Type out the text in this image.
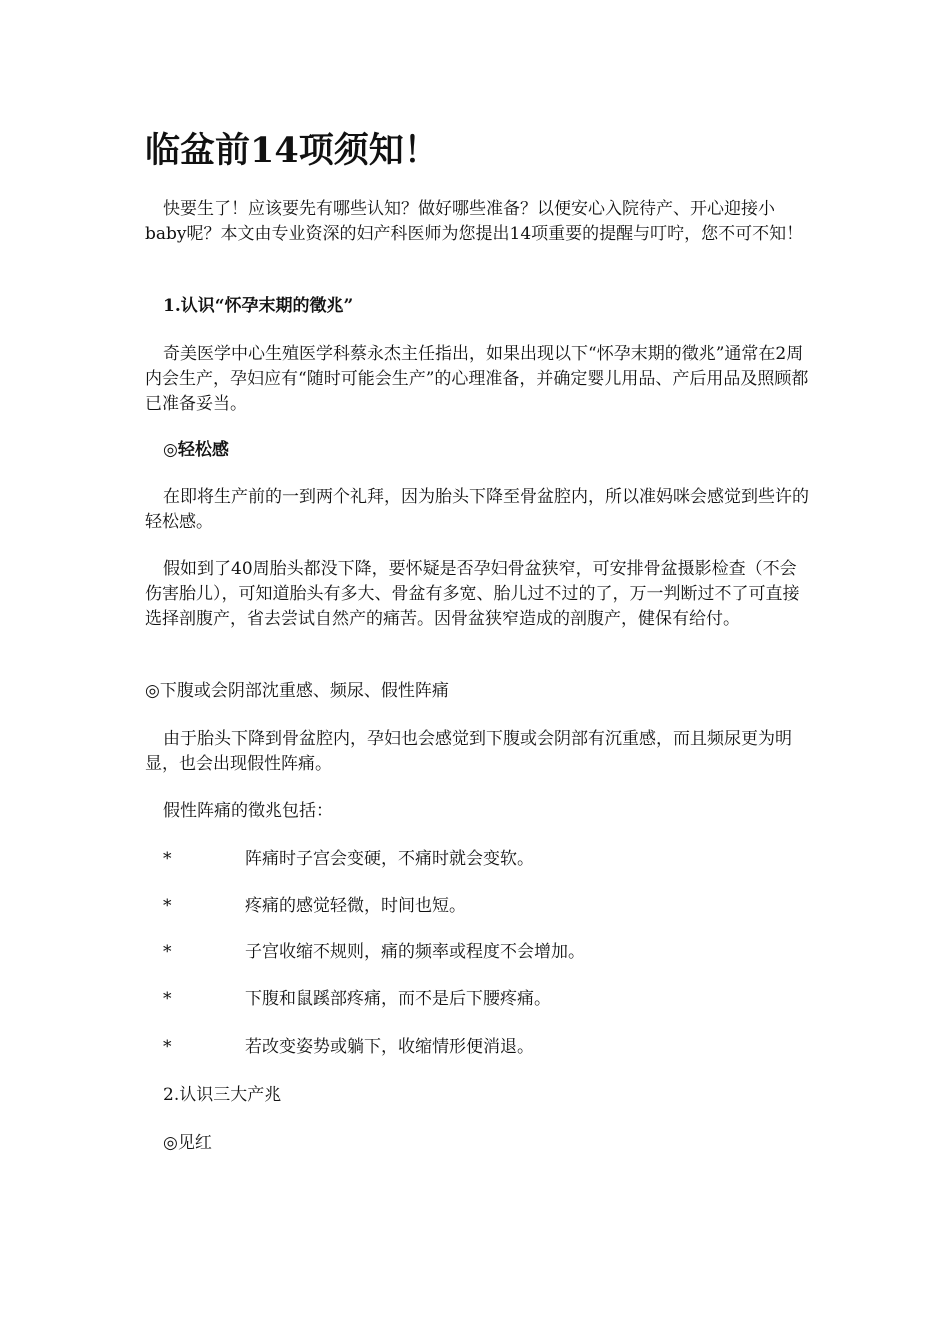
临盆前14项须知！

快要生了！应该要先有哪些认知？做好哪些准备？以便安心入院待产、开心迎接小baby呢？本文由专业资深的妇产科医师为您提出14项重要的提醒与叮咛，您不可不知！

1.认识“怀孕末期的徵兆”

奇美医学中心生殖医学科蔡永杰主任指出，如果出现以下“怀孕末期的徵兆”通常在2周内会生产，孕妇应有“随时可能会生产”的心理准备，并确定婴儿用品、产后用品及照顾都已准备妥当。

◎轻松感

在即将生产前的一到两个礼拜，因为胎头下降至骨盆腔内，所以准妈咪会感觉到些许的轻松感。

假如到了40周胎头都没下降，要怀疑是否孕妇骨盆狭窄，可安排骨盆摄影检查（不会伤害胎儿），可知道胎头有多大、骨盆有多宽、胎儿过不过的了，万一判断过不了可直接选择剖腹产，省去尝试自然产的痛苦。因骨盆狭窄造成的剖腹产，健保有给付。

◎下腹或会阴部沈重感、频尿、假性阵痛

由于胎头下降到骨盆腔内，孕妇也会感觉到下腹或会阴部有沉重感，而且频尿更为明显，也会出现假性阵痛。

假性阵痛的徵兆包括：

*	阵痛时子宫会变硬，不痛时就会变软。
*	疼痛的感觉轻微，时间也短。
*	子宫收缩不规则，痛的频率或程度不会增加。
*	下腹和鼠蹊部疼痛，而不是后下腰疼痛。
*	若改变姿势或躺下，收缩情形便消退。

2.认识三大产兆

◎见红
